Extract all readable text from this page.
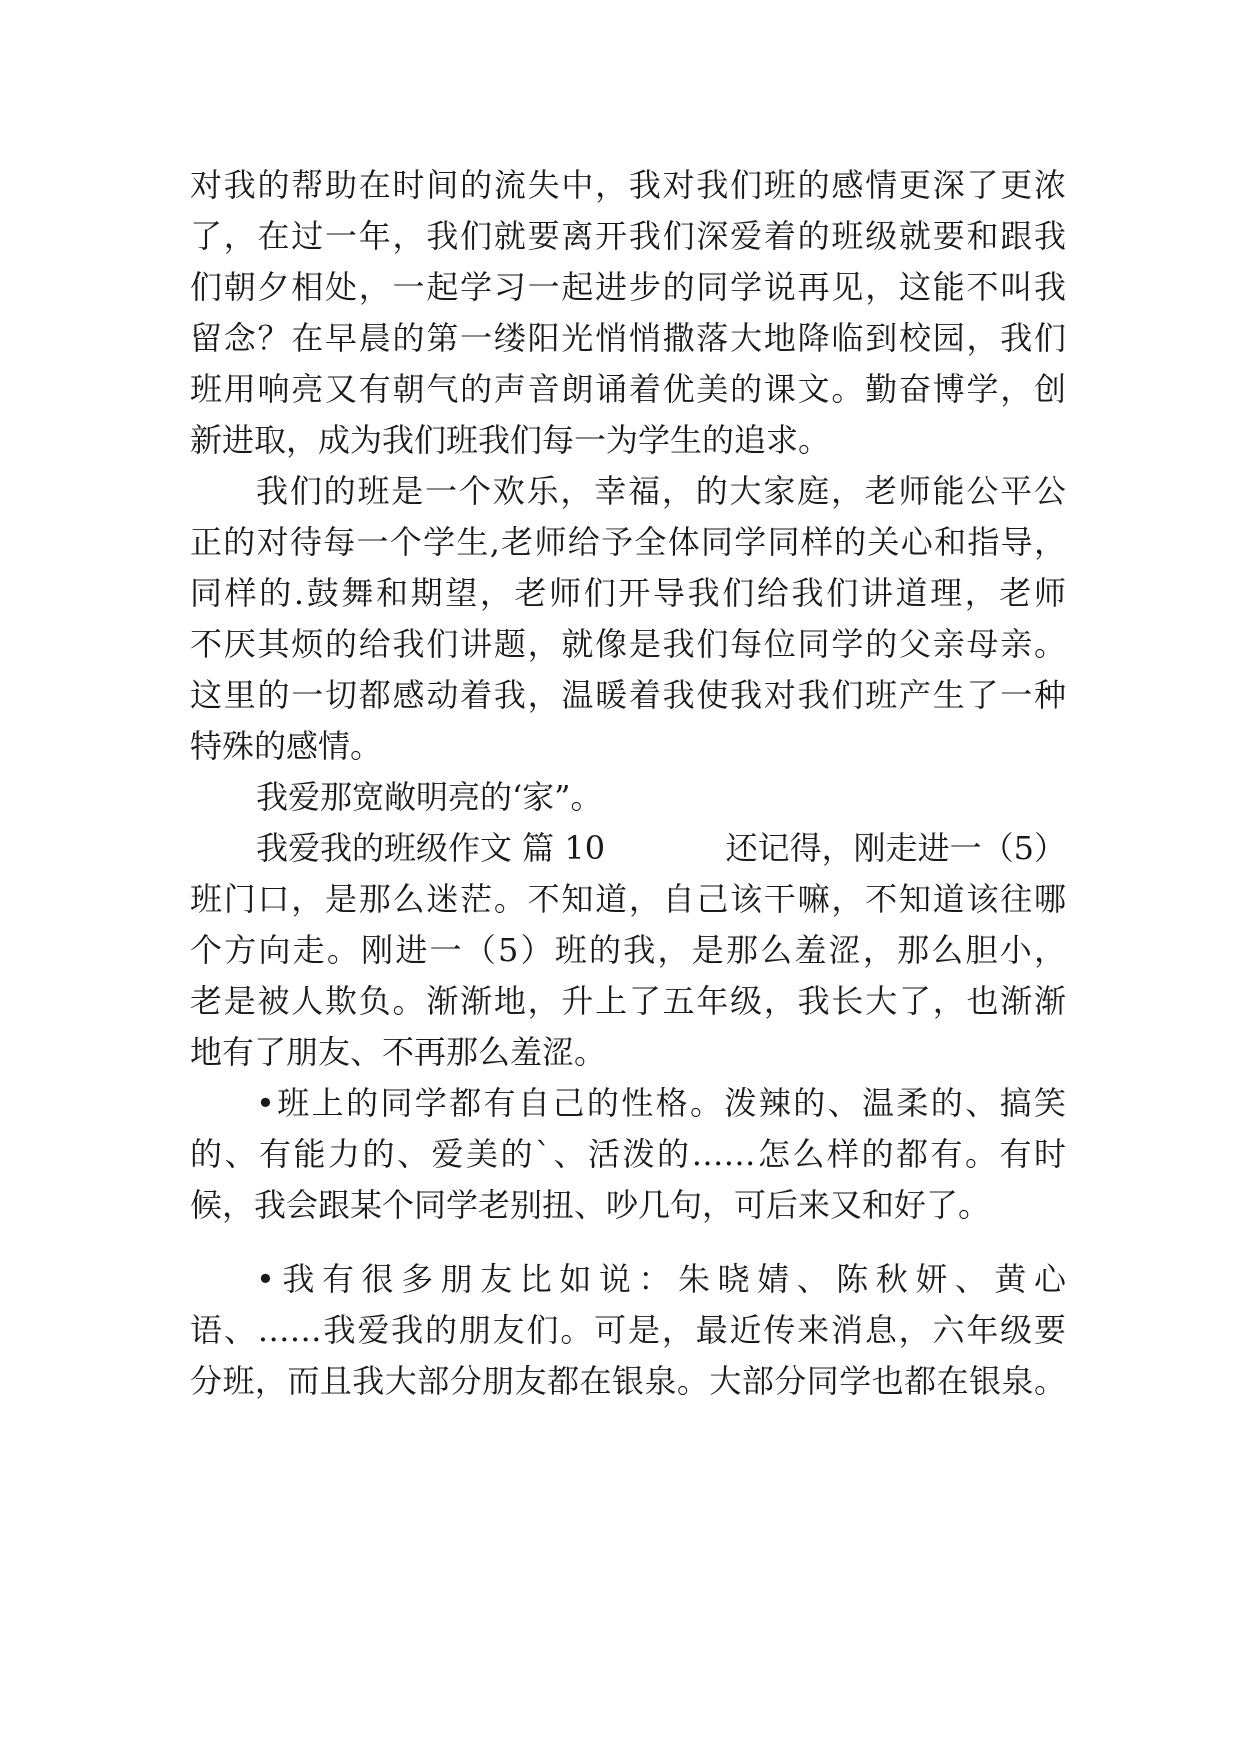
对我的帮助在时间的流失中，我对我们班的感情更深了更浓
了，在过一年，我们就要离开我们深爱着的班级就要和跟我
们朝夕相处，一起学习一起进步的同学说再见，这能不叫我
留念？在早晨的第一缕阳光悄悄撒落大地降临到校园，我们
班用响亮又有朝气的声音朗诵着优美的课文。勤奋博学，创
新进取，成为我们班我们每一为学生的追求。
我们的班是一个欢乐，幸福，的大家庭，老师能公平公
正的对待每一个学生,老师给予全体同学同样的关心和指导，
同样的.鼓舞和期望，老师们开导我们给我们讲道理，老师
不厌其烦的给我们讲题，就像是我们每位同学的父亲母亲。
这里的一切都感动着我，温暖着我使我对我们班产生了一种
特殊的感情。
我爱那宽敞明亮的‘家”。
我爱我的班级作文 篇 10	还记得，刚走进一（5）
班门口，是那么迷茫。不知道，自己该干嘛，不知道该往哪
个方向走。刚进一（5）班的我，是那么羞涩，那么胆小，
老是被人欺负。渐渐地，升上了五年级，我长大了，也渐渐
地有了朋友、不再那么羞涩。
•班上的同学都有自己的性格。泼辣的、温柔的、搞笑
的、有能力的、爱美的`、活泼的……怎么样的都有。有时
候，我会跟某个同学老别扭、吵几句，可后来又和好了。
•我有很多朋友比如说：朱晓婧、陈秋妍、黄心
语、……我爱我的朋友们。可是，最近传来消息，六年级要
分班，而且我大部分朋友都在银泉。大部分同学也都在银泉。
